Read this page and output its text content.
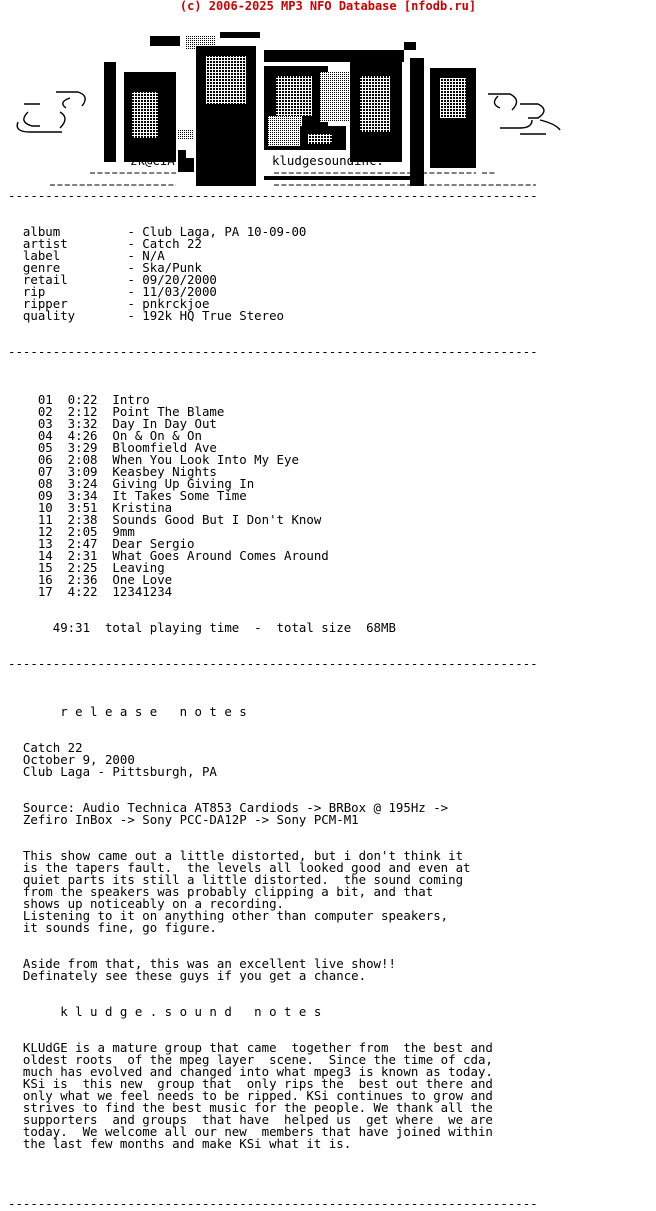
(c) 2006-2025 MP3 NFO Database [nfodb.ru]
zk@CIA	kludgesoundinc.
-----------------------------------------------------------------------

album         - Club Laga, PA 10-09-00
artist        - Catch 22
label         - N/A
genre         - Ska/Punk
retail        - 09/20/2000
rip           - 11/03/2000
ripper        - pnkrckjoe
quality       - 192k HQ True Stereo

-----------------------------------------------------------------------

01  0:22  Intro
02  2:12  Point The Blame
03  3:32  Day In Day Out
04  4:26  On & On & On
05  3:29  Bloomfield Ave
06  2:08  When You Look Into My Eye
07  3:09  Keasbey Nights
08  3:24  Giving Up Giving In
09  3:34  It Takes Some Time
10  3:51  Kristina
11  2:38  Sounds Good But I Don't Know
12  2:05  9mm
13  2:47  Dear Sergio
14  2:31  What Goes Around Comes Around
15  2:25  Leaving
16  2:36  One Love
17  4:22  12341234

49:31  total playing time  -  total size  68MB

-----------------------------------------------------------------------

r e l e a s e   n o t e s

Catch 22
October 9, 2000
Club Laga - Pittsburgh, PA

Source: Audio Technica AT853 Cardiods -> BRBox @ 195Hz ->
Zefiro InBox -> Sony PCC-DA12P -> Sony PCM-M1

This show came out a little distorted, but i don't think it
is the tapers fault.  the levels all looked good and even at
quiet parts its still a little distorted.  the sound coming
from the speakers was probably clipping a bit, and that
shows up noticeably on a recording.
Listening to it on anything other than computer speakers,
it sounds fine, go figure.

Aside from that, this was an excellent live show!!
Definately see these guys if you get a chance.

k l u d g e . s o u n d   n o t e s

KLUdGE is a mature group that came  together from  the best and
oldest roots  of the mpeg layer  scene.  Since the time of cda,
much has evolved and changed into what mpeg3 is known as today.
KSi is  this new  group that  only rips the  best out there and
only what we feel needs to be ripped. KSi continues to grow and
strives to find the best music for the people. We thank all the
supporters  and groups  that have  helped us  get where  we are
today.  We welcome all our new  members that have joined within
the last few months and make KSi what it is.

-----------------------------------------------------------------------
